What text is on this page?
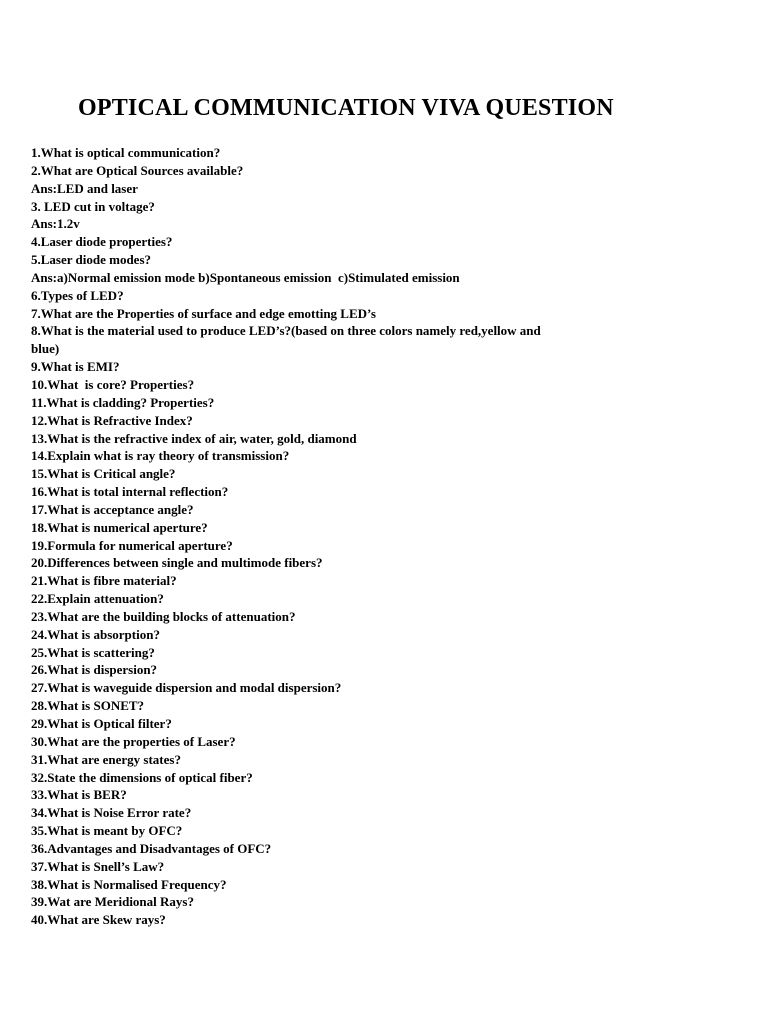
OPTICAL COMMUNICATION VIVA QUESTION
1.What is optical communication?
2.What are Optical Sources available?
Ans:LED and laser
3. LED cut in voltage?
Ans:1.2v
4.Laser diode properties?
5.Laser diode modes?
Ans:a)Normal emission mode b)Spontaneous emission  c)Stimulated emission
6.Types of LED?
7.What are the Properties of surface and edge emotting LED’s
8.What is the material used to produce LED’s?(based on three colors namely red,yellow and
blue)
9.What is EMI?
10.What  is core? Properties?
11.What is cladding? Properties?
12.What is Refractive Index?
13.What is the refractive index of air, water, gold, diamond
14.Explain what is ray theory of transmission?
15.What is Critical angle?
16.What is total internal reflection?
17.What is acceptance angle?
18.What is numerical aperture?
19.Formula for numerical aperture?
20.Differences between single and multimode fibers?
21.What is fibre material?
22.Explain attenuation?
23.What are the building blocks of attenuation?
24.What is absorption?
25.What is scattering?
26.What is dispersion?
27.What is waveguide dispersion and modal dispersion?
28.What is SONET?
29.What is Optical filter?
30.What are the properties of Laser?
31.What are energy states?
32.State the dimensions of optical fiber?
33.What is BER?
34.What is Noise Error rate?
35.What is meant by OFC?
36.Advantages and Disadvantages of OFC?
37.What is Snell’s Law?
38.What is Normalised Frequency?
39.Wat are Meridional Rays?
40.What are Skew rays?
